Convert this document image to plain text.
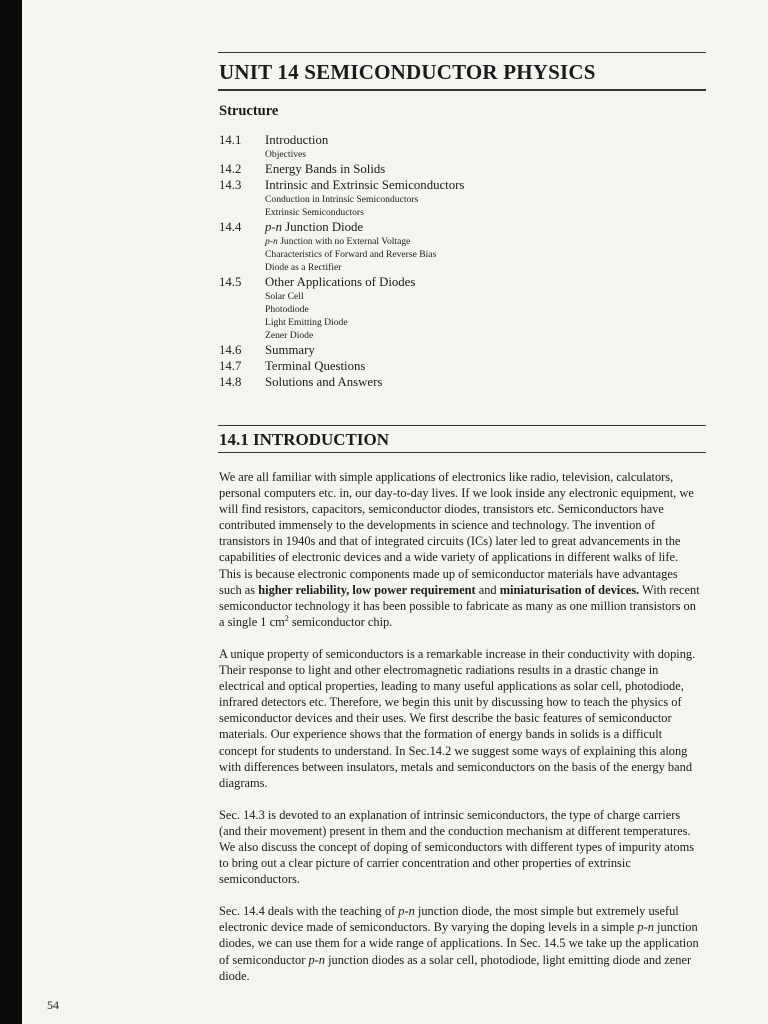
UNIT 14 SEMICONDUCTOR PHYSICS
Structure
14.1	Introduction
Objectives
14.2	Energy Bands in Solids
14.3	Intrinsic and Extrinsic Semiconductors
Conduction in Intrinsic Semiconductors
Extrinsic Semiconductors
14.4	p-n Junction Diode
p-n Junction with no External Voltage
Characteristics of Forward and Reverse Bias
Diode as a Rectifier
14.5	Other Applications of Diodes
Solar Cell
Photodiode
Light Emitting Diode
Zener Diode
14.6	Summary
14.7	Terminal Questions
14.8	Solutions and Answers
14.1 INTRODUCTION

We are all familiar with simple applications of electronics like radio, television, calculators, personal computers etc. in, our day-to-day lives. If we look inside any electronic equipment, we will find resistors, capacitors, semiconductor diodes, transistors etc. Semiconductors have contributed immensely to the developments in science and technology. The invention of transistors in 1940s and that of integrated circuits (ICs) later led to great advancements in the capabilities of electronic devices and a wide variety of applications in different walks of life. This is because electronic components made up of semiconductor materials have advantages such as higher reliability, low power requirement and miniaturisation of devices. With recent semiconductor technology it has been possible to fabricate as many as one million transistors on a single 1 $cm^2$ semiconductor chip.

A unique property of semiconductors is a remarkable increase in their conductivity with doping. Their response to light and other electromagnetic radiations results in a drastic change in electrical and optical properties, leading to many useful applications as solar cell, photodiode, infrared detectors etc. Therefore, we begin this unit by discussing how to teach the physics of semiconductor devices and their uses. We first describe the basic features of semiconductor materials. Our experience shows that the formation of energy bands in solids is a difficult concept for students to understand. In Sec.14.2 we suggest some ways of explaining this along with differences between insulators, metals and semiconductors on the basis of the energy band diagrams.

Sec. 14.3 is devoted to an explanation of intrinsic semiconductors, the type of charge carriers (and their movement) present in them and the conduction mechanism at different temperatures. We also discuss the concept of doping of semiconductors with different types of impurity atoms to bring out a clear picture of carrier concentration and other properties of extrinsic semiconductors.

Sec. 14.4 deals with the teaching of p-n junction diode, the most simple but extremely useful electronic device made of semiconductors. By varying the doping levels in a simple p-n junction diodes, we can use them for a wide range of applications. In Sec. 14.5 we take up the application of semiconductor p-n junction diodes as a solar cell, photodiode, light emitting diode and zener diode.

54
